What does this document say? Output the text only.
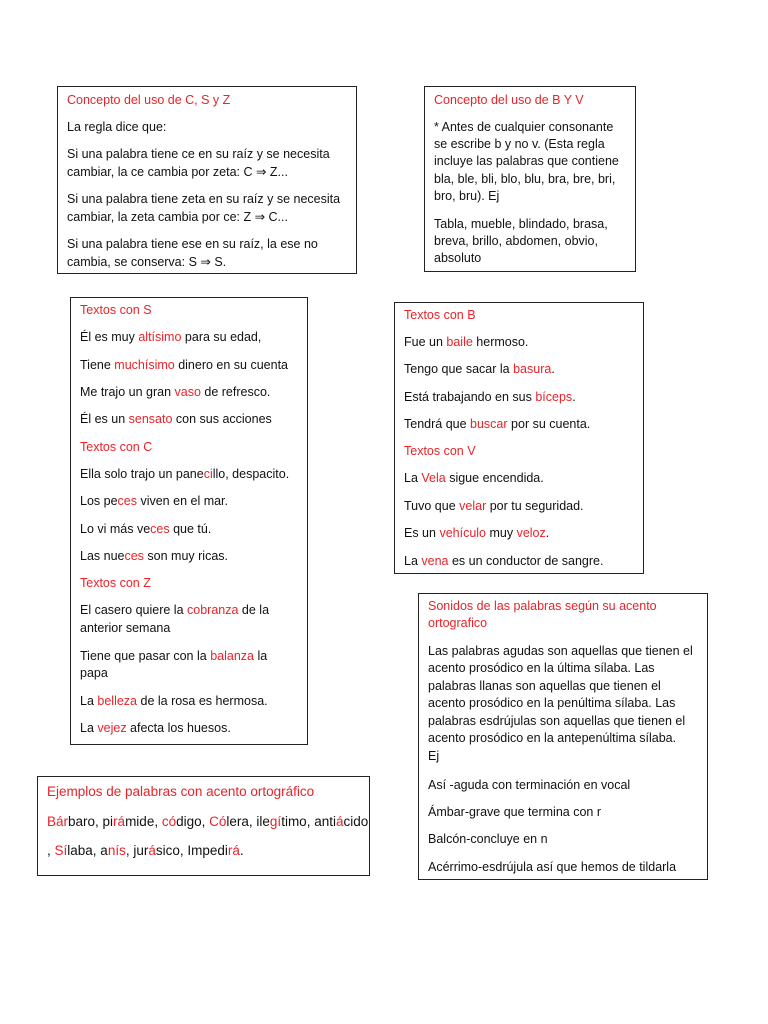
Concepto del uso de C, S y Z
La regla dice que:
Si una palabra tiene ce en su raíz y se necesita
cambiar, la ce cambia por zeta: C ⇒ Z...
Si una palabra tiene zeta en su raíz y se necesita
cambiar, la zeta cambia por ce: Z ⇒ C...
Si una palabra tiene ese en su raíz, la ese no
cambia, se conserva: S ⇒ S.
Concepto del uso de B Y V
* Antes de cualquier consonante
se escribe b y no v. (Esta regla
incluye las palabras que contiene
bla, ble, bli, blo, blu, bra, bre, bri,
bro, bru). Ej
Tabla, mueble, blindado, brasa,
breva, brillo, abdomen, obvio,
absoluto
Textos con S
Él es muy altísimo para su edad,
Tiene muchísimo dinero en su cuenta
Me trajo un gran vaso de refresco.
Él es un sensato con sus acciones
Textos con C
Ella solo trajo un panecillo, despacito.
Los peces viven en el mar.
Lo vi más veces que tú.
Las nueces son muy ricas.
Textos con Z
El casero quiere la cobranza de la
anterior semana
Tiene que pasar con la balanza la
papa
La belleza de la rosa es hermosa.
La vejez afecta los huesos.
Textos con B
Fue un baile hermoso.
Tengo que sacar la basura.
Está trabajando en sus bíceps.
Tendrá que buscar por su cuenta.
Textos con V
La Vela sigue encendida.
Tuvo que velar por tu seguridad.
Es un vehículo muy veloz.
La vena es un conductor de sangre.
Sonidos de las palabras según su acento
ortografico
Las palabras agudas son aquellas que tienen el
acento prosódico en la última sílaba. Las
palabras llanas son aquellas que tienen el
acento prosódico en la penúltima sílaba. Las
palabras esdrújulas son aquellas que tienen el
acento prosódico en la antepenúltima sílaba.
Ej
Así -aguda con terminación en vocal
Ámbar-grave que termina con r
Balcón-concluye en n
Acérrimo-esdrújula así que hemos de tildarla
Ejemplos de palabras con acento ortográfico
Bárbaro, pirámide, código, Cólera, ilegítimo, antiácido
, Sílaba, anís, jurásico, Impedirá.
